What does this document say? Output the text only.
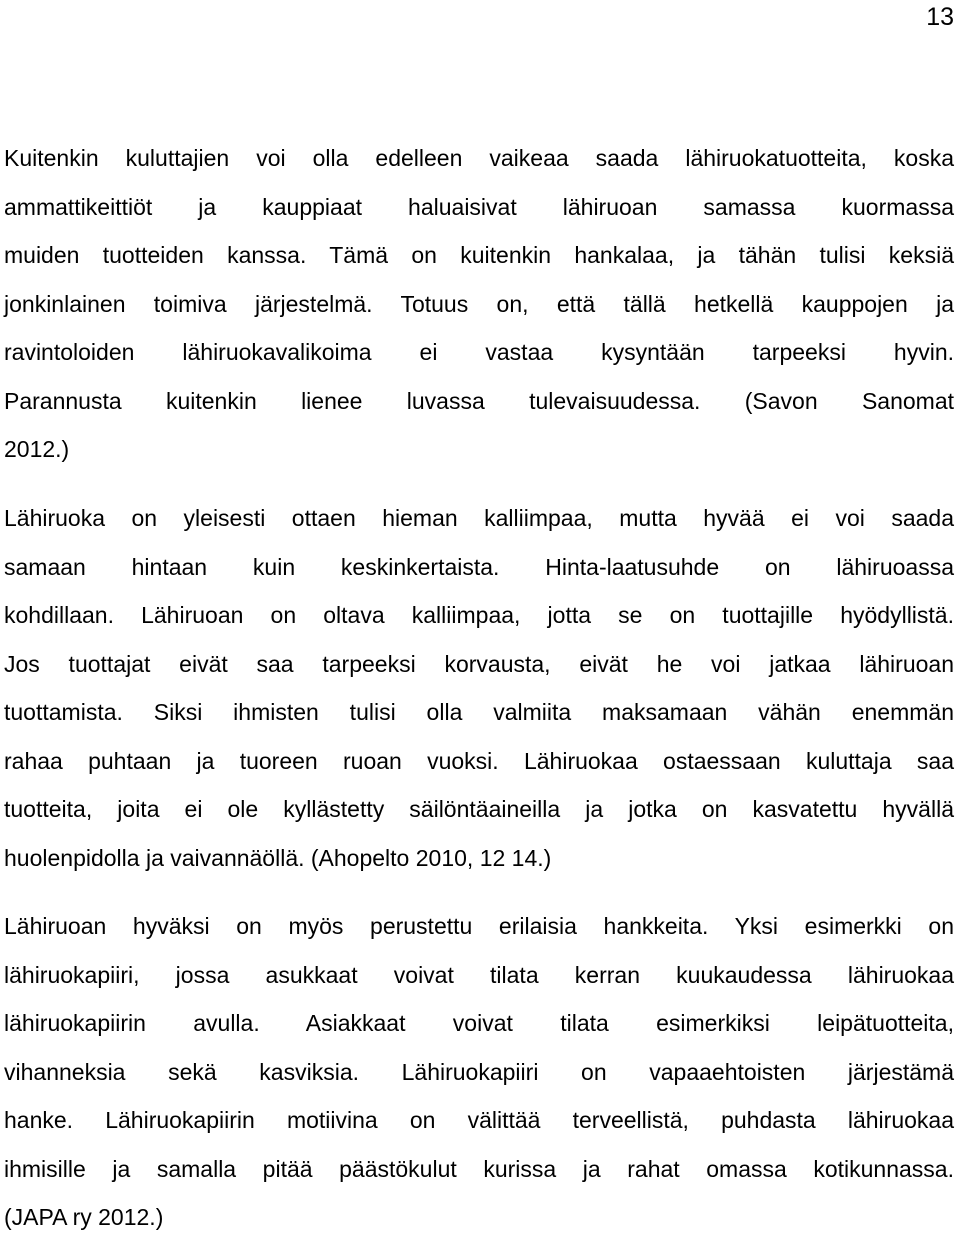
13
Kuitenkin kuluttajien voi olla edelleen vaikeaa saada lähiruokatuotteita, koska
ammattikeittiöt ja kauppiaat haluaisivat lähiruoan samassa kuormassa
muiden tuotteiden kanssa. Tämä on kuitenkin hankalaa, ja tähän tulisi keksiä
jonkinlainen toimiva järjestelmä. Totuus on, että tällä hetkellä kauppojen ja
ravintoloiden lähiruokavalikoima ei vastaa kysyntään tarpeeksi hyvin.
Parannusta kuitenkin lienee luvassa tulevaisuudessa. (Savon Sanomat
2012.)
Lähiruoka on yleisesti ottaen hieman kalliimpaa, mutta hyvää ei voi saada
samaan hintaan kuin keskinkertaista. Hinta-laatusuhde on lähiruoassa
kohdillaan. Lähiruoan on oltava kalliimpaa, jotta se on tuottajille hyödyllistä.
Jos tuottajat eivät saa tarpeeksi korvausta, eivät he voi jatkaa lähiruoan
tuottamista. Siksi ihmisten tulisi olla valmiita maksamaan vähän enemmän
rahaa puhtaan ja tuoreen ruoan vuoksi. Lähiruokaa ostaessaan kuluttaja saa
tuotteita, joita ei ole kyllästetty säilöntäaineilla ja jotka on kasvatettu hyvällä
huolenpidolla ja vaivannäöllä. (Ahopelto 2010, 12 14.)
Lähiruoan hyväksi on myös perustettu erilaisia hankkeita. Yksi esimerkki on
lähiruokapiiri, jossa asukkaat voivat tilata kerran kuukaudessa lähiruokaa
lähiruokapiirin avulla. Asiakkaat voivat tilata esimerkiksi leipätuotteita,
vihanneksia sekä kasviksia. Lähiruokapiiri on vapaaehtoisten järjestämä
hanke. Lähiruokapiirin motiivina on välittää terveellistä, puhdasta lähiruokaa
ihmisille ja samalla pitää päästökulut kurissa ja rahat omassa kotikunnassa.
(JAPA ry 2012.)
